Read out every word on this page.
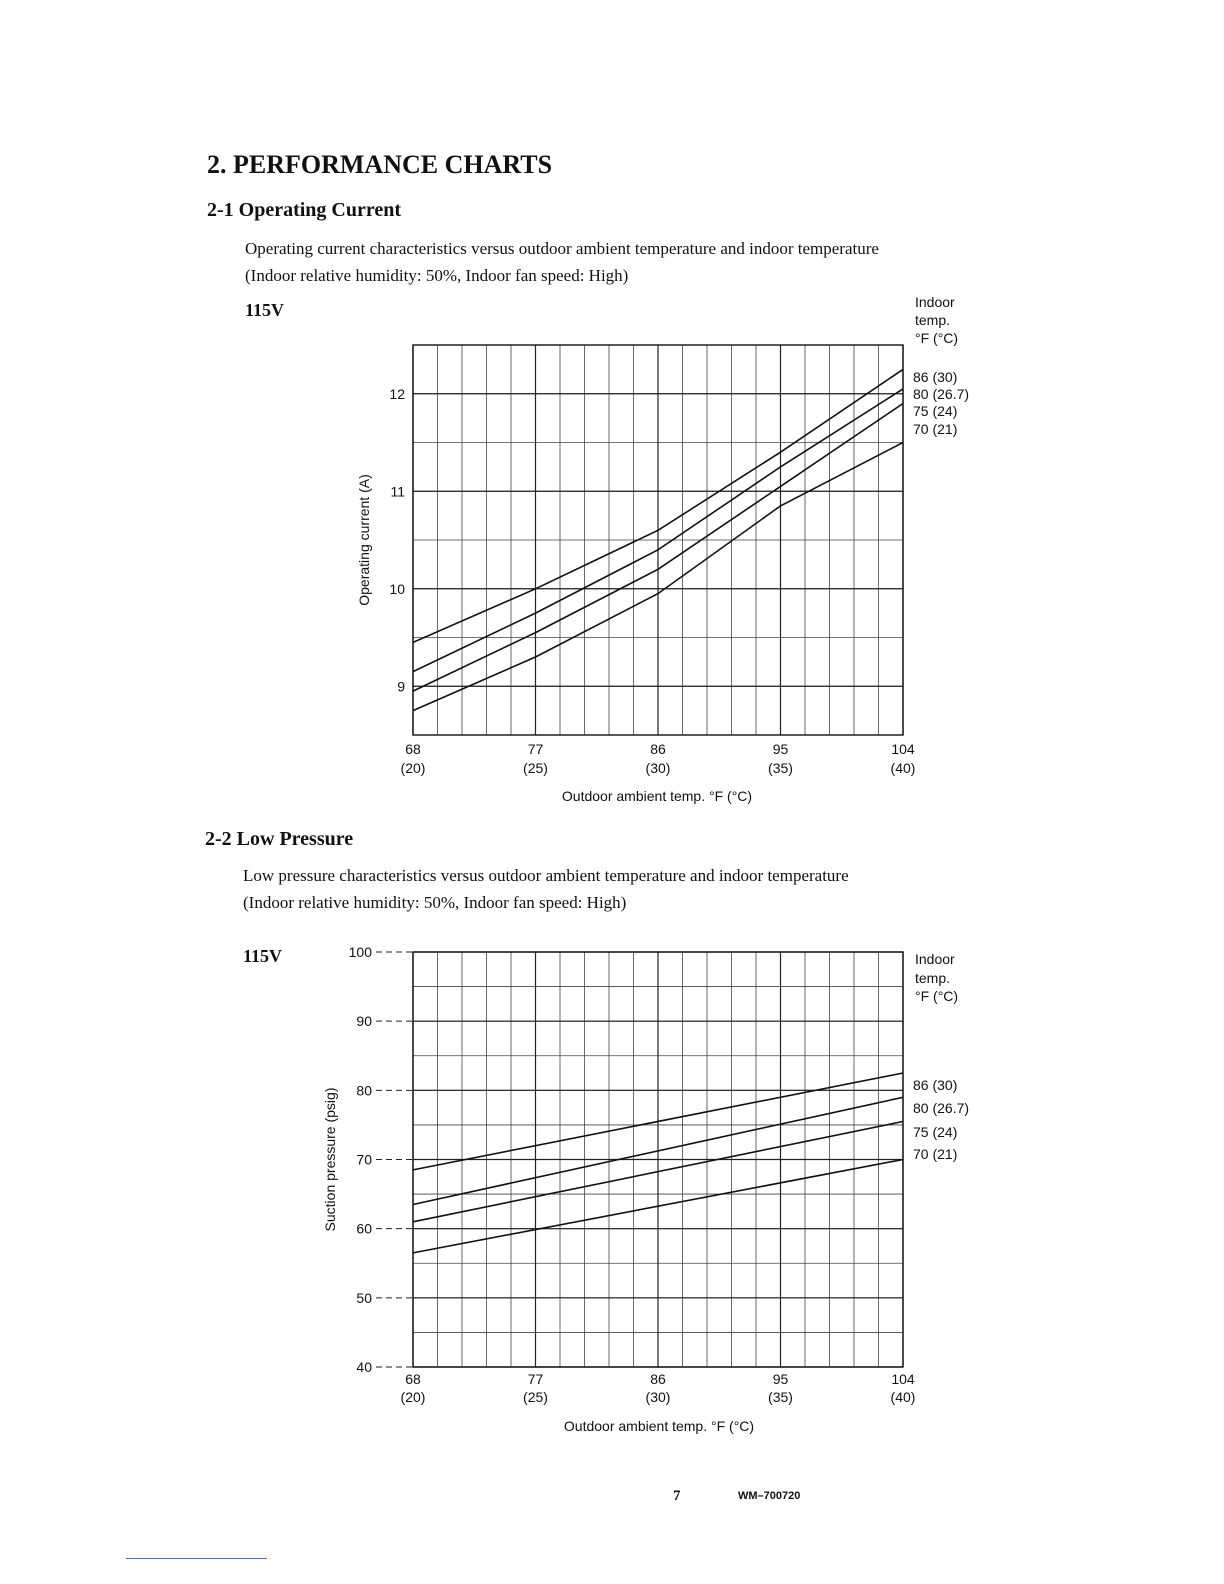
2. PERFORMANCE CHARTS
2-1 Operating Current
Operating current characteristics versus outdoor ambient temperature and indoor temperature
(Indoor relative humidity: 50%, Indoor fan speed: High)
115V
2-2 Low Pressure
Low pressure characteristics versus outdoor ambient temperature and indoor temperature
(Indoor relative humidity: 50%, Indoor fan speed: High)
115V
9
10
11
12
68
(20)
77
(25)
86
(30)
95
(35)
104
(40)
Outdoor ambient temp. °F (°C)
Operating current (A)
Indoor
temp.
°F (°C)
86 (30)
80 (26.7)
75 (24)
70 (21)
40
50
60
70
80
90
100
68
(20)
77
(25)
86
(30)
95
(35)
104
(40)
Outdoor ambient temp. °F (°C)
Suction pressure (psig)
Indoor
temp.
°F (°C)
86 (30)
80 (26.7)
75 (24)
70 (21)
7	WM–700720
